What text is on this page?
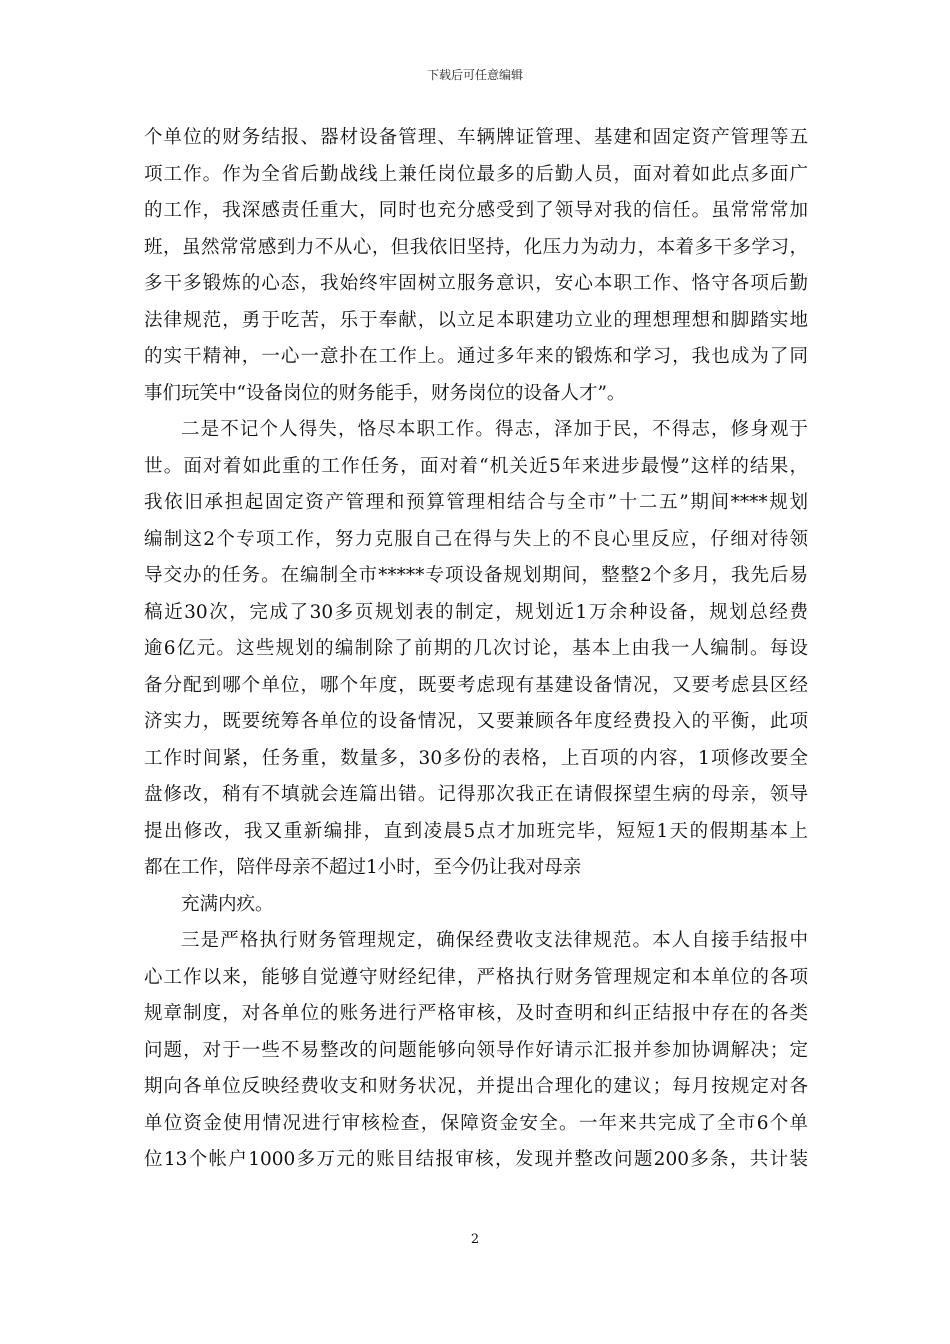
下载后可任意编辑
个单位的财务结报、器材设备管理、车辆牌证管理、基建和固定资产管理等五
项工作。作为全省后勤战线上兼任岗位最多的后勤人员，面对着如此点多面广
的工作，我深感责任重大，同时也充分感受到了领导对我的信任。虽常常常加
班，虽然常常感到力不从心，但我依旧坚持，化压力为动力，本着多干多学习，
多干多锻炼的心态，我始终牢固树立服务意识，安心本职工作、恪守各项后勤
法律规范，勇于吃苦，乐于奉献，以立足本职建功立业的理想理想和脚踏实地
的实干精神，一心一意扑在工作上。通过多年来的锻炼和学习，我也成为了同
事们玩笑中“设备岗位的财务能手，财务岗位的设备人才”。
二是不记个人得失，恪尽本职工作。得志，泽加于民，不得志，修身观于
世。面对着如此重的工作任务，面对着“机关近5年来进步最慢”这样的结果，
我依旧承担起固定资产管理和预算管理相结合与全市”十二五”期间****规划
编制这2个专项工作，努力克服自己在得与失上的不良心里反应，仔细对待领
导交办的任务。在编制全市*****专项设备规划期间，整整2个多月，我先后易
稿近30次，完成了30多页规划表的制定，规划近1万余种设备，规划总经费
逾6亿元。这些规划的编制除了前期的几次讨论，基本上由我一人编制。每设
备分配到哪个单位，哪个年度，既要考虑现有基建设备情况，又要考虑县区经
济实力，既要统筹各单位的设备情况，又要兼顾各年度经费投入的平衡，此项
工作时间紧，任务重，数量多，30多份的表格，上百项的内容，1项修改要全
盘修改，稍有不填就会连篇出错。记得那次我正在请假探望生病的母亲，领导
提出修改，我又重新编排，直到凌晨5点才加班完毕，短短1天的假期基本上
都在工作，陪伴母亲不超过1小时，至今仍让我对母亲
充满内疚。
三是严格执行财务管理规定，确保经费收支法律规范。本人自接手结报中
心工作以来，能够自觉遵守财经纪律，严格执行财务管理规定和本单位的各项
规章制度，对各单位的账务进行严格审核，及时查明和纠正结报中存在的各类
问题，对于一些不易整改的问题能够向领导作好请示汇报并参加协调解决；定
期向各单位反映经费收支和财务状况，并提出合理化的建议；每月按规定对各
单位资金使用情况进行审核检查，保障资金安全。一年来共完成了全市6个单
位13个帐户1000多万元的账目结报审核，发现并整改问题200多条，共计装
2
